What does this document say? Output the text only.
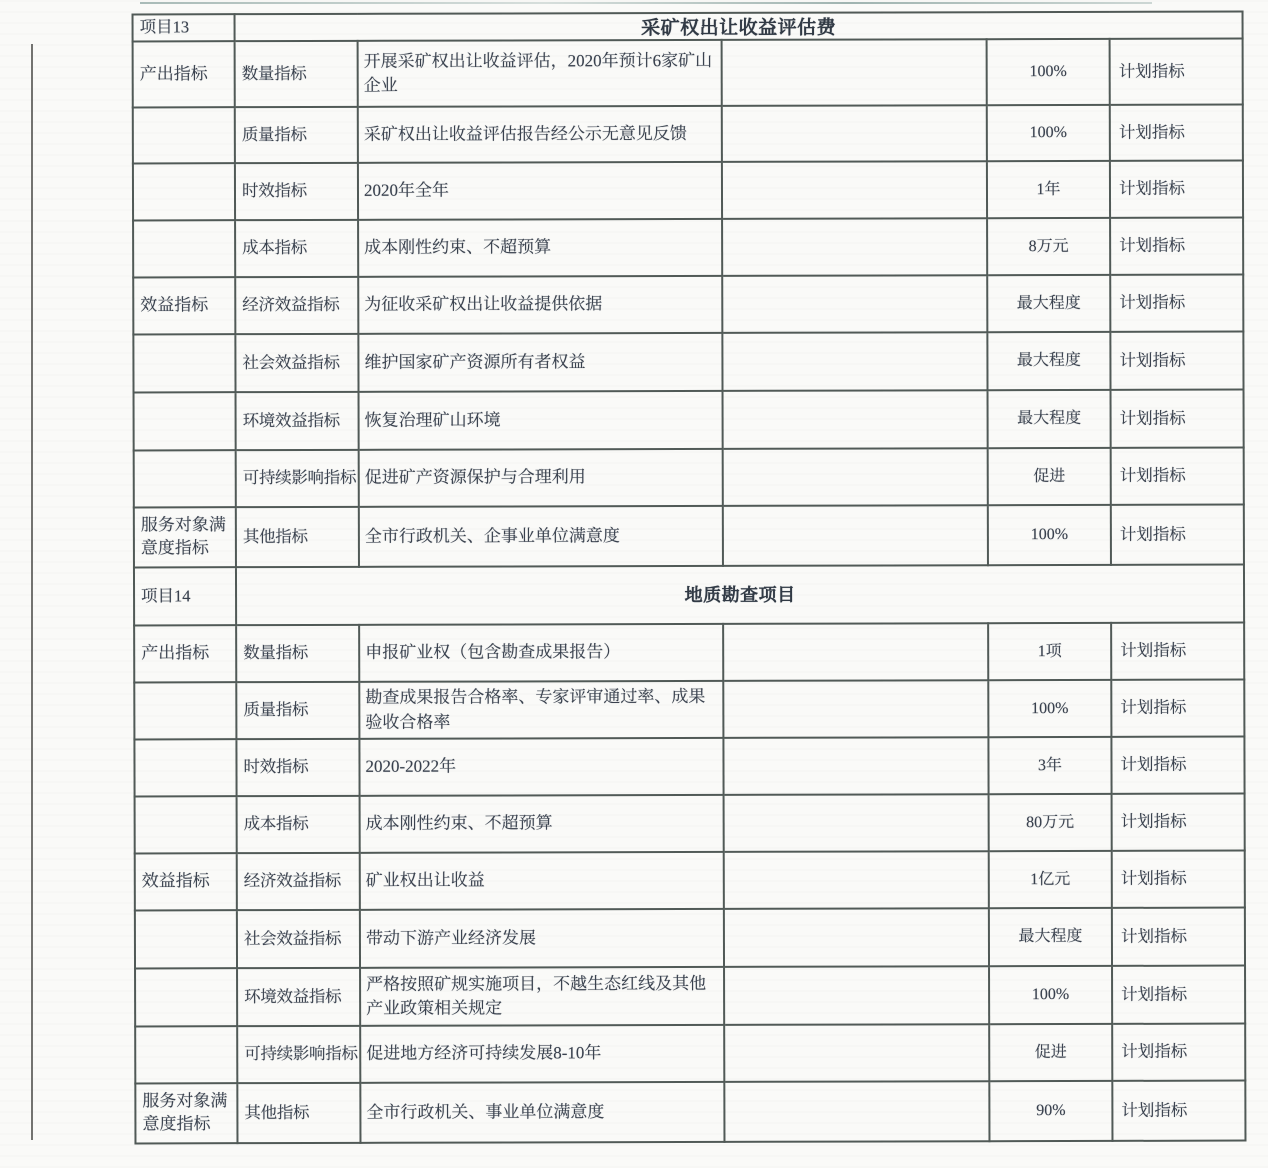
项目13	采矿权出让收益评估费				
产出指标	数量指标	开展采矿权出让收益评估，2020年预计6家矿山企业		100%	计划指标
	质量指标	采矿权出让收益评估报告经公示无意见反馈		100%	计划指标
	时效指标	2020年全年		1年	计划指标
	成本指标	成本刚性约束、不超预算		8万元	计划指标
效益指标	经济效益指标	为征收采矿权出让收益提供依据		最大程度	计划指标
	社会效益指标	维护国家矿产资源所有者权益		最大程度	计划指标
	环境效益指标	恢复治理矿山环境		最大程度	计划指标
	可持续影响指标	促进矿产资源保护与合理利用		促进	计划指标
服务对象满意度指标	其他指标	全市行政机关、企事业单位满意度		100%	计划指标
项目14	地质勘查项目				
产出指标	数量指标	申报矿业权（包含勘查成果报告）		1项	计划指标
	质量指标	勘查成果报告合格率、专家评审通过率、成果验收合格率		100%	计划指标
	时效指标	2020-2022年		3年	计划指标
	成本指标	成本刚性约束、不超预算		80万元	计划指标
效益指标	经济效益指标	矿业权出让收益		1亿元	计划指标
	社会效益指标	带动下游产业经济发展		最大程度	计划指标
	环境效益指标	严格按照矿规实施项目，不越生态红线及其他产业政策相关规定		100%	计划指标
	可持续影响指标	促进地方经济可持续发展8-10年		促进	计划指标
服务对象满意度指标	其他指标	全市行政机关、事业单位满意度		90%	计划指标
